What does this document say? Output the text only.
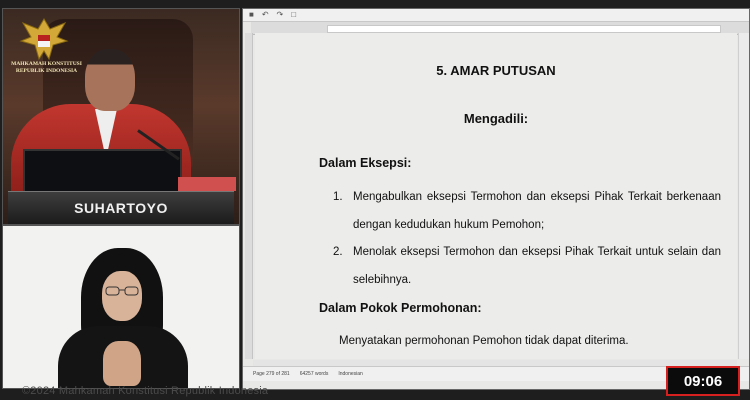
MAHKAMAH KONSTITUSI
REPUBLIK INDONESIA
SUHARTOYO
■ ↶ ↷ □
5. AMAR PUTUSAN
Mengadili:
Dalam Eksepsi:
1. Mengabulkan eksepsi Termohon dan eksepsi Pihak Terkait berkenaan dengan kedudukan hukum Pemohon;
2. Menolak eksepsi Termohon dan eksepsi Pihak Terkait untuk selain dan selebihnya.
Dalam Pokok Permohonan:
Menyatakan permohonan Pemohon tidak dapat diterima.
Page 279 of 281 64257 words Indonesian
©2024 Mahkamah Konstitusi Republik Indonesia
09:06
